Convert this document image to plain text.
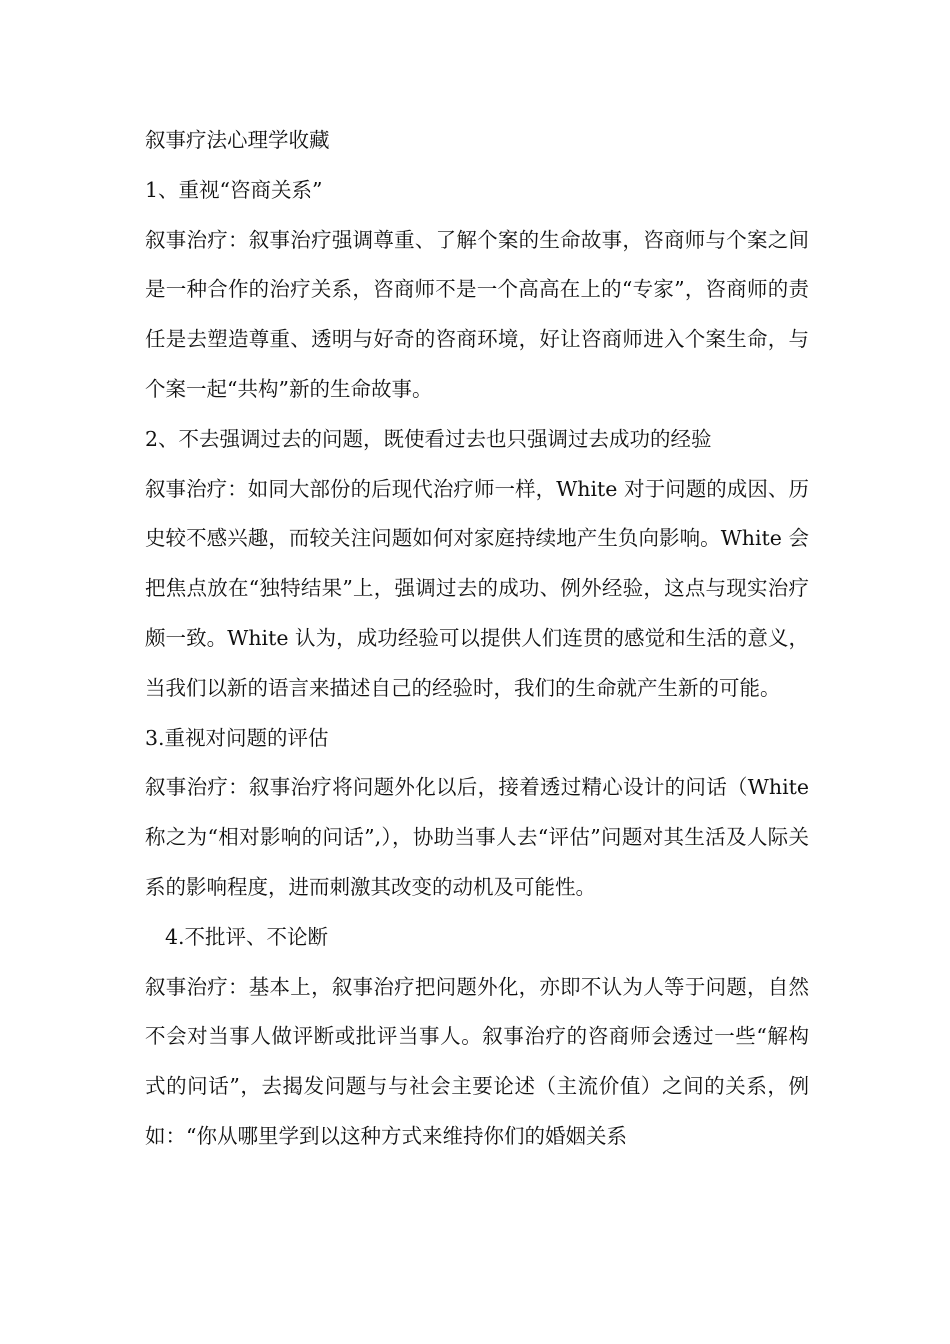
叙事疗法心理学收藏

1、重视“咨商关系”

叙事治疗：叙事治疗强调尊重、了解个案的生命故事，咨商师与个案之间是一种合作的治疗关系，咨商师不是一个高高在上的“专家”，咨商师的责任是去塑造尊重、透明与好奇的咨商环境，好让咨商师进入个案生命，与个案一起“共构”新的生命故事。

2、不去强调过去的问题，既使看过去也只强调过去成功的经验

叙事治疗：如同大部份的后现代治疗师一样，White 对于问题的成因、历史较不感兴趣，而较关注问题如何对家庭持续地产生负向影响。White 会把焦点放在“独特结果”上，强调过去的成功、例外经验，这点与现实治疗颇一致。White 认为，成功经验可以提供人们连贯的感觉和生活的意义，当我们以新的语言来描述自己的经验时，我们的生命就产生新的可能。

3.重视对问题的评估

叙事治疗：叙事治疗将问题外化以后，接着透过精心设计的问话（White 称之为“相对影响的问话”,），协助当事人去“评估”问题对其生活及人际关系的影响程度，进而刺激其改变的动机及可能性。

4.不批评、不论断

叙事治疗：基本上，叙事治疗把问题外化，亦即不认为人等于问题，自然不会对当事人做评断或批评当事人。叙事治疗的咨商师会透过一些“解构式的问话”，去揭发问题与与社会主要论述（主流价值）之间的关系，例如：“你从哪里学到以这种方式来维持你们的婚姻关系
